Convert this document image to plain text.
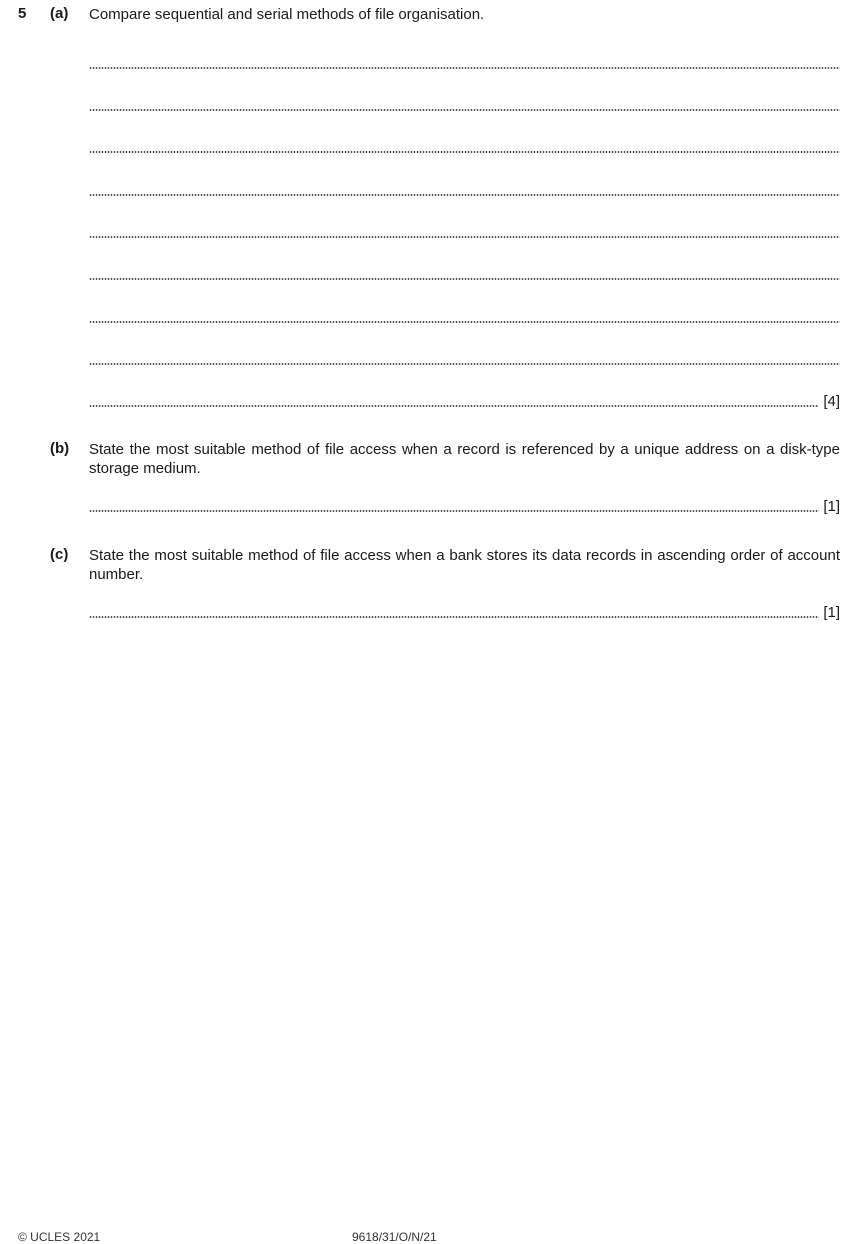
5 (a) Compare sequential and serial methods of file organisation.
[4]
(b) State the most suitable method of file access when a record is referenced by a unique address on a disk-type storage medium.
[1]
(c) State the most suitable method of file access when a bank stores its data records in ascending order of account number.
[1]
© UCLES 2021	9618/31/O/N/21
